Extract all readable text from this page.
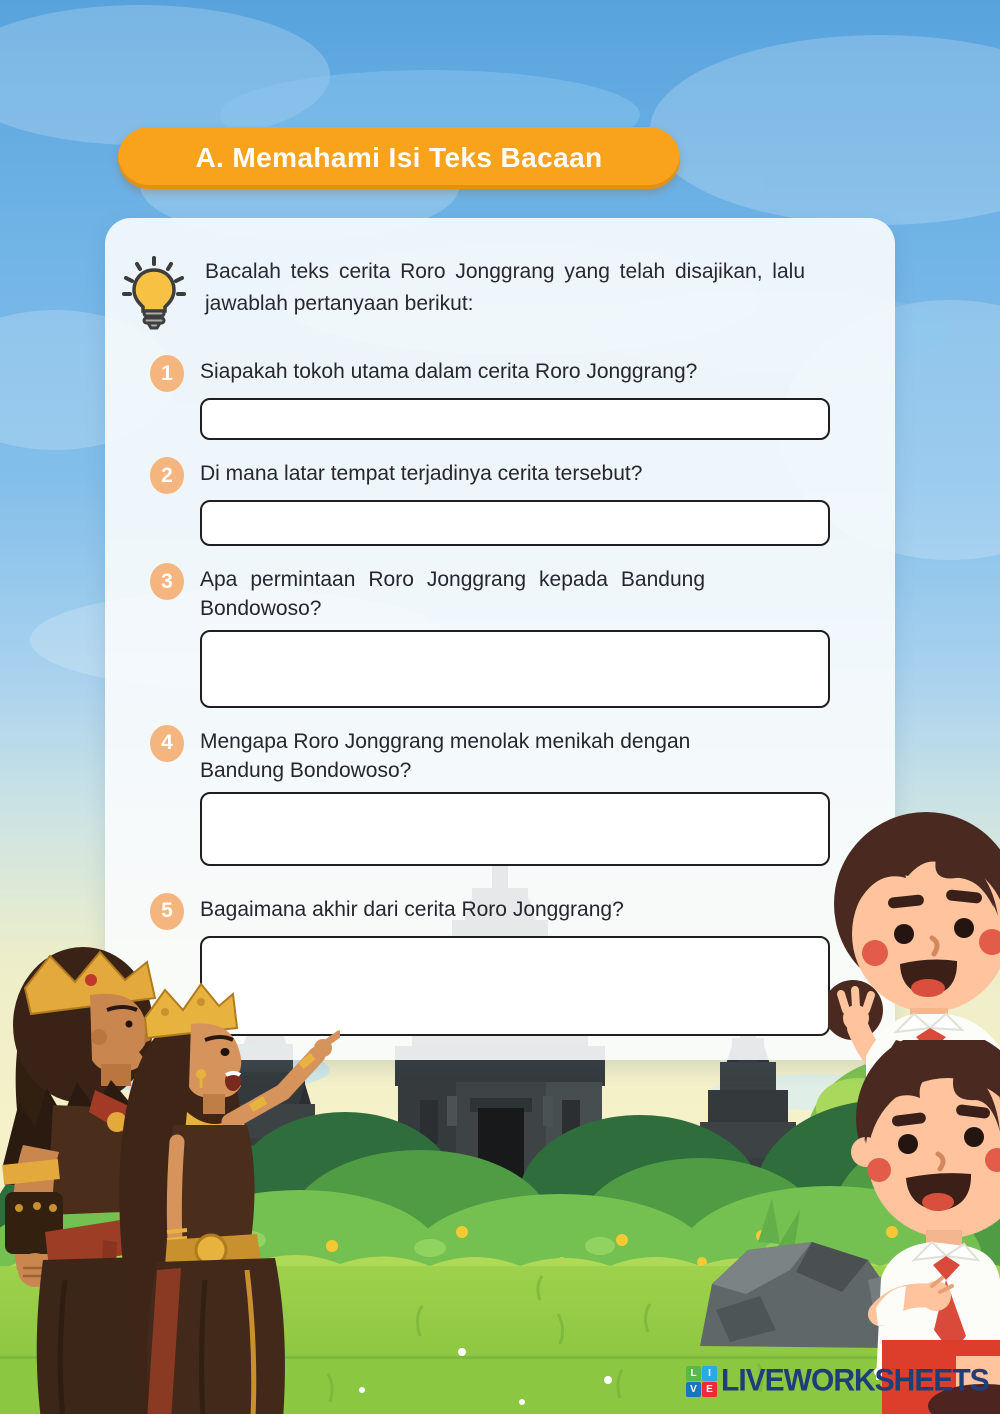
A. Memahami Isi Teks Bacaan
Bacalah teks cerita Roro Jonggrang yang telah disajikan, lalu jawablah pertanyaan berikut:
1 Siapakah tokoh utama dalam cerita Roro Jonggrang?
2 Di mana latar tempat terjadinya cerita tersebut?
3 Apa permintaan Roro Jonggrang kepada Bandung Bondowoso?
4 Mengapa Roro Jonggrang menolak menikah dengan Bandung Bondowoso?
5 Bagaimana akhir dari cerita Roro Jonggrang?
L	I
V E LIVEWORKSHEETS
